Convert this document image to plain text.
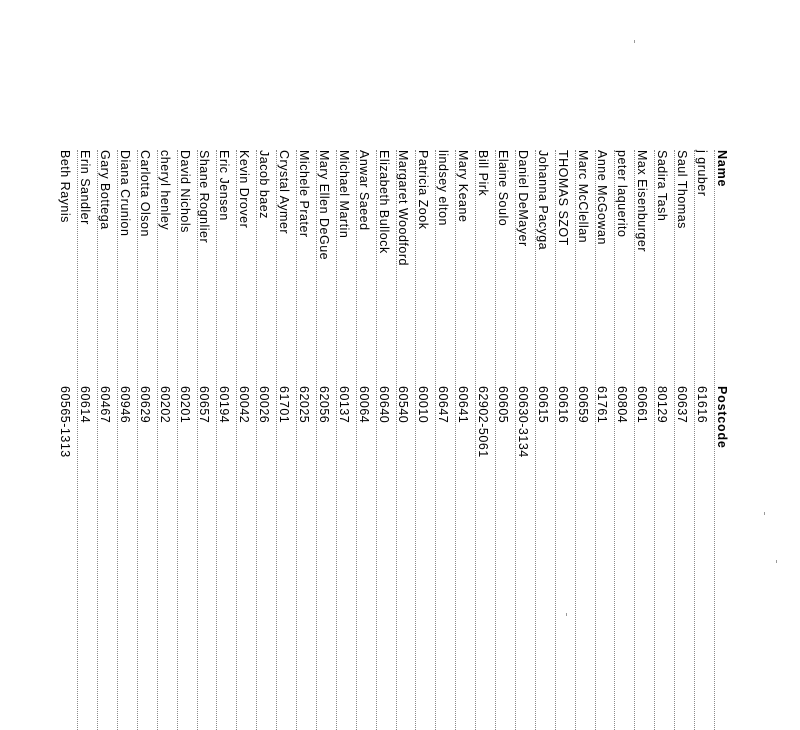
Name
Postcode
j gruber
61616
Saul Thomas
60637
Sadira Tash
80129
Max Eisenburger
60661
peter laquerito
60804
Anne McGowan
61761
Marc McClellan
60659
THOMAS SZOT
60616
Johanna Pacyga
60615
Daniel DeMayer
60630-3134
Elaine Soulo
60605
Bill Pirk
62902-5061
Mary Keane
60641
lindsey elton
60647
Patricia Zook
60010
Margaret Woodford
60540
Elizabeth Bullock
60640
Anwar Saeed
60064
Michael Martin
60137
Mary Ellen DeGue
62056
Michele Prater
62025
Crystal Aymer
61701
Jacob baez
60026
Kevin Drover
60042
Eric Jensen
60194
Shane Rognlier
60657
David Nichols
60201
cheryl henley
60202
Carlotta Olson
60629
Diana Crunion
60946
Gary Bottega
60467
Erin Sandler
60614
Beth Raynis
60565-1313
